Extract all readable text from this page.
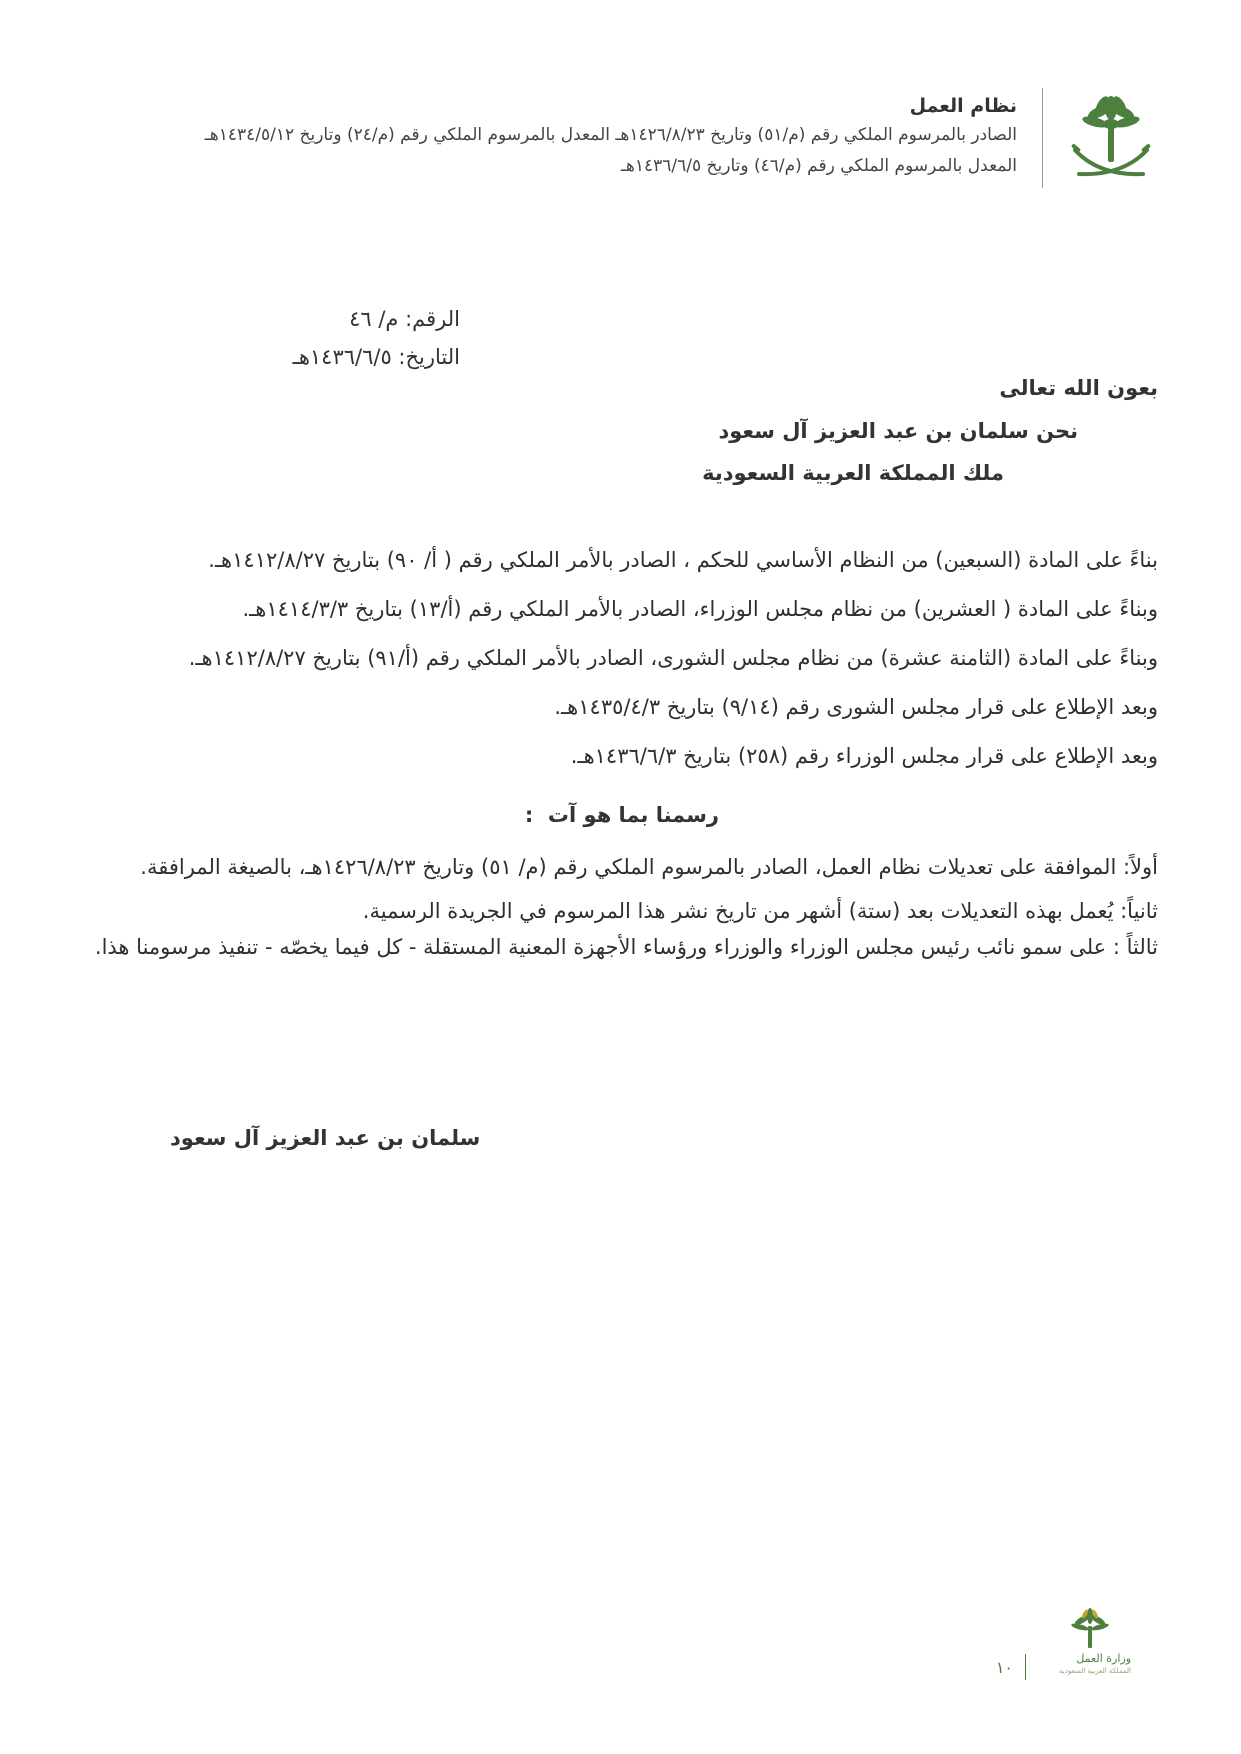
نظام العمل
الصادر بالمرسوم الملكي رقم (م/٥١) وتاريخ ١٤٢٦/٨/٢٣هـ المعدل بالمرسوم الملكي رقم (م/٢٤) وتاريخ ١٤٣٤/٥/١٢هـ
المعدل بالمرسوم الملكي رقم (م/٤٦) وتاريخ ١٤٣٦/٦/٥هـ
الرقم: م/ ٤٦
التاريخ: ١٤٣٦/٦/٥هـ
بعون الله تعالى
نحن سلمان بن عبد العزيز آل سعود
ملك المملكة العربية السعودية
بناءً على المادة (السبعين) من النظام الأساسي للحكم ، الصادر بالأمر الملكي رقم ( أ/ ٩٠) بتاريخ ١٤١٢/٨/٢٧هـ.
وبناءً على المادة ( العشرين) من نظام مجلس الوزراء، الصادر بالأمر الملكي رقم (أ/١٣) بتاريخ ١٤١٤/٣/٣هـ.
وبناءً على المادة (الثامنة عشرة) من نظام مجلس الشورى، الصادر بالأمر الملكي رقم (أ/٩١) بتاريخ ١٤١٢/٨/٢٧هـ.
وبعد الإطلاع على قرار مجلس الشورى رقم (٩/١٤) بتاريخ ١٤٣٥/٤/٣هـ.
وبعد الإطلاع على قرار مجلس الوزراء رقم (٢٥٨) بتاريخ ١٤٣٦/٦/٣هـ.
رسمنا بما هو آت  :
أولاً: الموافقة على تعديلات نظام العمل، الصادر بالمرسوم الملكي رقم (م/ ٥١) وتاريخ ١٤٢٦/٨/٢٣هـ، بالصيغة المرافقة.
ثانياً: يُعمل بهذه التعديلات بعد (ستة) أشهر من تاريخ نشر هذا المرسوم في الجريدة الرسمية.
ثالثاً : على سمو نائب رئيس مجلس الوزراء والوزراء ورؤساء الأجهزة المعنية المستقلة - كل فيما يخصّه - تنفيذ مرسومنا هذا.
سلمان بن عبد العزيز آل سعود
وزارة العمل
المملكة العربية السعودية
١٠
